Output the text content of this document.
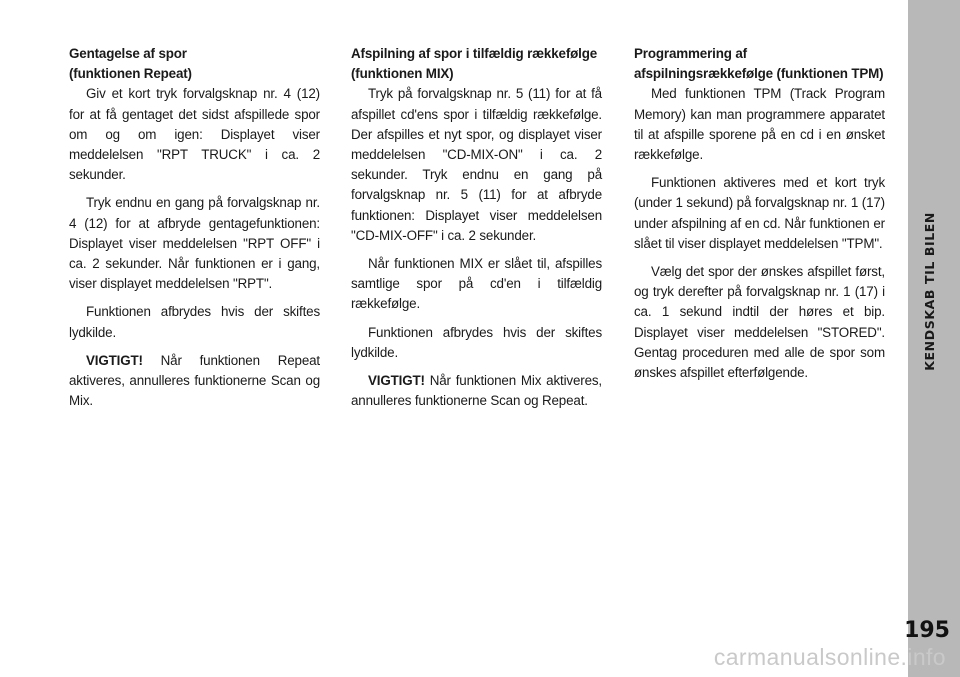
Gentagelse af spor
(funktionen Repeat)

Giv et kort tryk forvalgsknap nr. 4 (12) for at få gentaget det sidst afspillede spor om og om igen: Displayet viser meddelelsen "RPT TRUCK" i ca. 2 sekunder.

Tryk endnu en gang på forvalgsknap nr. 4 (12) for at afbryde gentagefunktionen: Displayet viser meddelelsen "RPT OFF" i ca. 2 sekunder. Når funktionen er i gang, viser displayet meddelelsen "RPT".

Funktionen afbrydes hvis der skiftes lydkilde.

VIGTIGT! Når funktionen Repeat aktiveres, annulleres funktionerne Scan og Mix.

Afspilning af spor i tilfældig rækkefølge (funktionen MIX)

Tryk på forvalgsknap nr. 5 (11) for at få afspillet cd'ens spor i tilfældig rækkefølge. Der afspilles et nyt spor, og displayet viser meddelelsen "CD-MIX-ON" i ca. 2 sekunder. Tryk endnu en gang på forvalgsknap nr. 5 (11) for at afbryde funktionen: Displayet viser meddelelsen "CD-MIX-OFF" i ca. 2 sekunder.

Når funktionen MIX er slået til, afspilles samtlige spor på cd'en i tilfældig rækkefølge.

Funktionen afbrydes hvis der skiftes lydkilde.

VIGTIGT! Når funktionen Mix aktiveres, annulleres funktionerne Scan og Repeat.

Programmering af afspilningsrækkefølge (funktionen TPM)

Med funktionen TPM (Track Program Memory) kan man programmere apparatet til at afspille sporene på en cd i en ønsket rækkefølge.

Funktionen aktiveres med et kort tryk (under 1 sekund) på forvalgsknap nr. 1 (17) under afspilning af en cd. Når funktionen er slået til viser displayet meddelelsen "TPM".

Vælg det spor der ønskes afspillet først, og tryk derefter på forvalgsknap nr. 1 (17) i ca. 1 sekund indtil der høres et bip. Displayet viser meddelelsen "STORED". Gentag proceduren med alle de spor som ønskes afspillet efterfølgende.

KENDSKAB TIL BILEN
195
carmanualsonline.info
